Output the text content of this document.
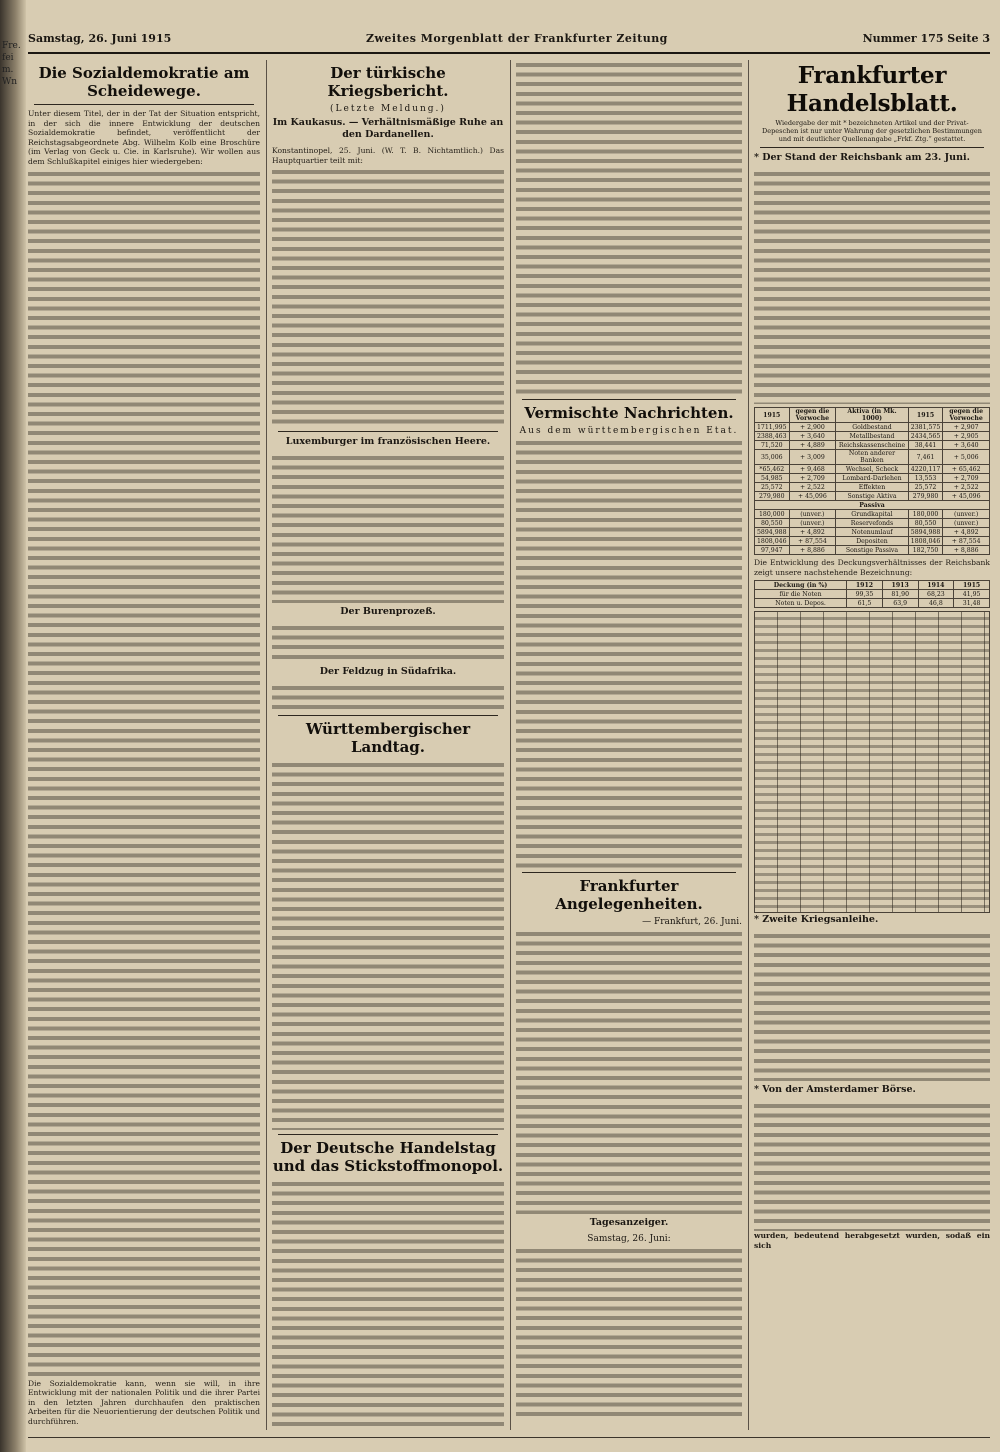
Fre. feim. Wn
Samstag, 26. Juni 1915	Zweites Morgenblatt der Frankfurter Zeitung	Nummer 175 Seite 3
Die Sozialdemokratie am Scheidewege.

Unter diesem Titel, der in der Tat der Situation entspricht, in der sich die innere Entwicklung der deutschen Sozialdemokratie befindet, veröffentlicht der Reichstagsabgeordnete Abg. Wilhelm Kolb eine Broschüre (im Verlag von Geck u. Cie. in Karlsruhe). Wir wollen aus dem Schlußkapitel einiges hier wiedergeben:

Die Sozialdemokratie kann, wenn sie will, in ihre Entwicklung mit der nationalen Politik und die ihrer Partei in den letzten Jahren durchhaufen den praktischen Arbeiten für die Neuorientierung der deutschen Politik und durchführen.

Der türkische Kriegsbericht.
(Letzte Meldung.)
Im Kaukasus. — Verhältnismäßige Ruhe an den Dardanellen.

Konstantinopel, 25. Juni. (W. T. B. Nichtamtlich.) Das Hauptquartier teilt mit:

Luxemburger im französischen Heere.
Der Burenprozeß.
Der Feldzug in Südafrika.
Württembergischer Landtag.
Der Deutsche Handelstag und das Stickstoffmonopol.
Vermischte Nachrichten.
Aus dem württembergischen Etat.
Frankfurter Angelegenheiten.
— Frankfurt, 26. Juni.
Tagesanzeiger.
Samstag, 26. Juni:
Frankfurter Handelsblatt.
Wiedergabe der mit * bezeichneten Artikel und der Privat-Depeschen ist nur unter Wahrung der gesetzlichen Bestimmungen und mit deutlicher Quellenangabe „Frkf. Ztg.“ gestattet.
* Der Stand der Reichsbank am 23. Juni.
1915	gegen die Vorwoche	Aktiva (in Mk. 1000)	1915	gegen die Vorwoche
1711,995	+ 2,900	Goldbestand	2381,575	+ 2,907
2388,463	+ 3,640	Metallbestand	2434,565	+ 2,905
71,520	+ 4,889	Reichskassenscheine	38,441	+ 3,640
35,006	+ 3,009	Noten anderer Banken	7,461	+ 5,006
*65,462	+ 9,468	Wechsel, Scheck	4220,117	+ 65,462
54,985	+ 2,709	Lombard-Darlehen	13,553	+ 2,709
25,572	+ 2,522	Effekten	25,572	+ 2,522
279,980	+ 45,096	Sonstige Aktiva	279,980	+ 45,096
Passiva				
180,000	(unver.)	Grundkapital	180,000	(unver.)
80,550	(unver.)	Reservefonds	80,550	(unver.)
5894,988	+ 4,892	Notenumlauf	5894,988	+ 4,892
1808,046	+ 87,554	Depositen	1808,046	+ 87,554
97,947	+ 8,886	Sonstige Passiva	182,750	+ 8,886

Die Entwicklung des Deckungsverhältnisses der Reichsbank zeigt unsere nachstehende Bezeichnung:

Deckung (in %)	1912	1913	1914	1915
für die Noten	99,35	81,90	68,23	41,95
Noten u. Depos.	61,5	63,9	46,8	31,48
* Zweite Kriegsanleihe.
* Von der Amsterdamer Börse.

wurden, bedeutend herabgesetzt wurden, sodaß ein sich
